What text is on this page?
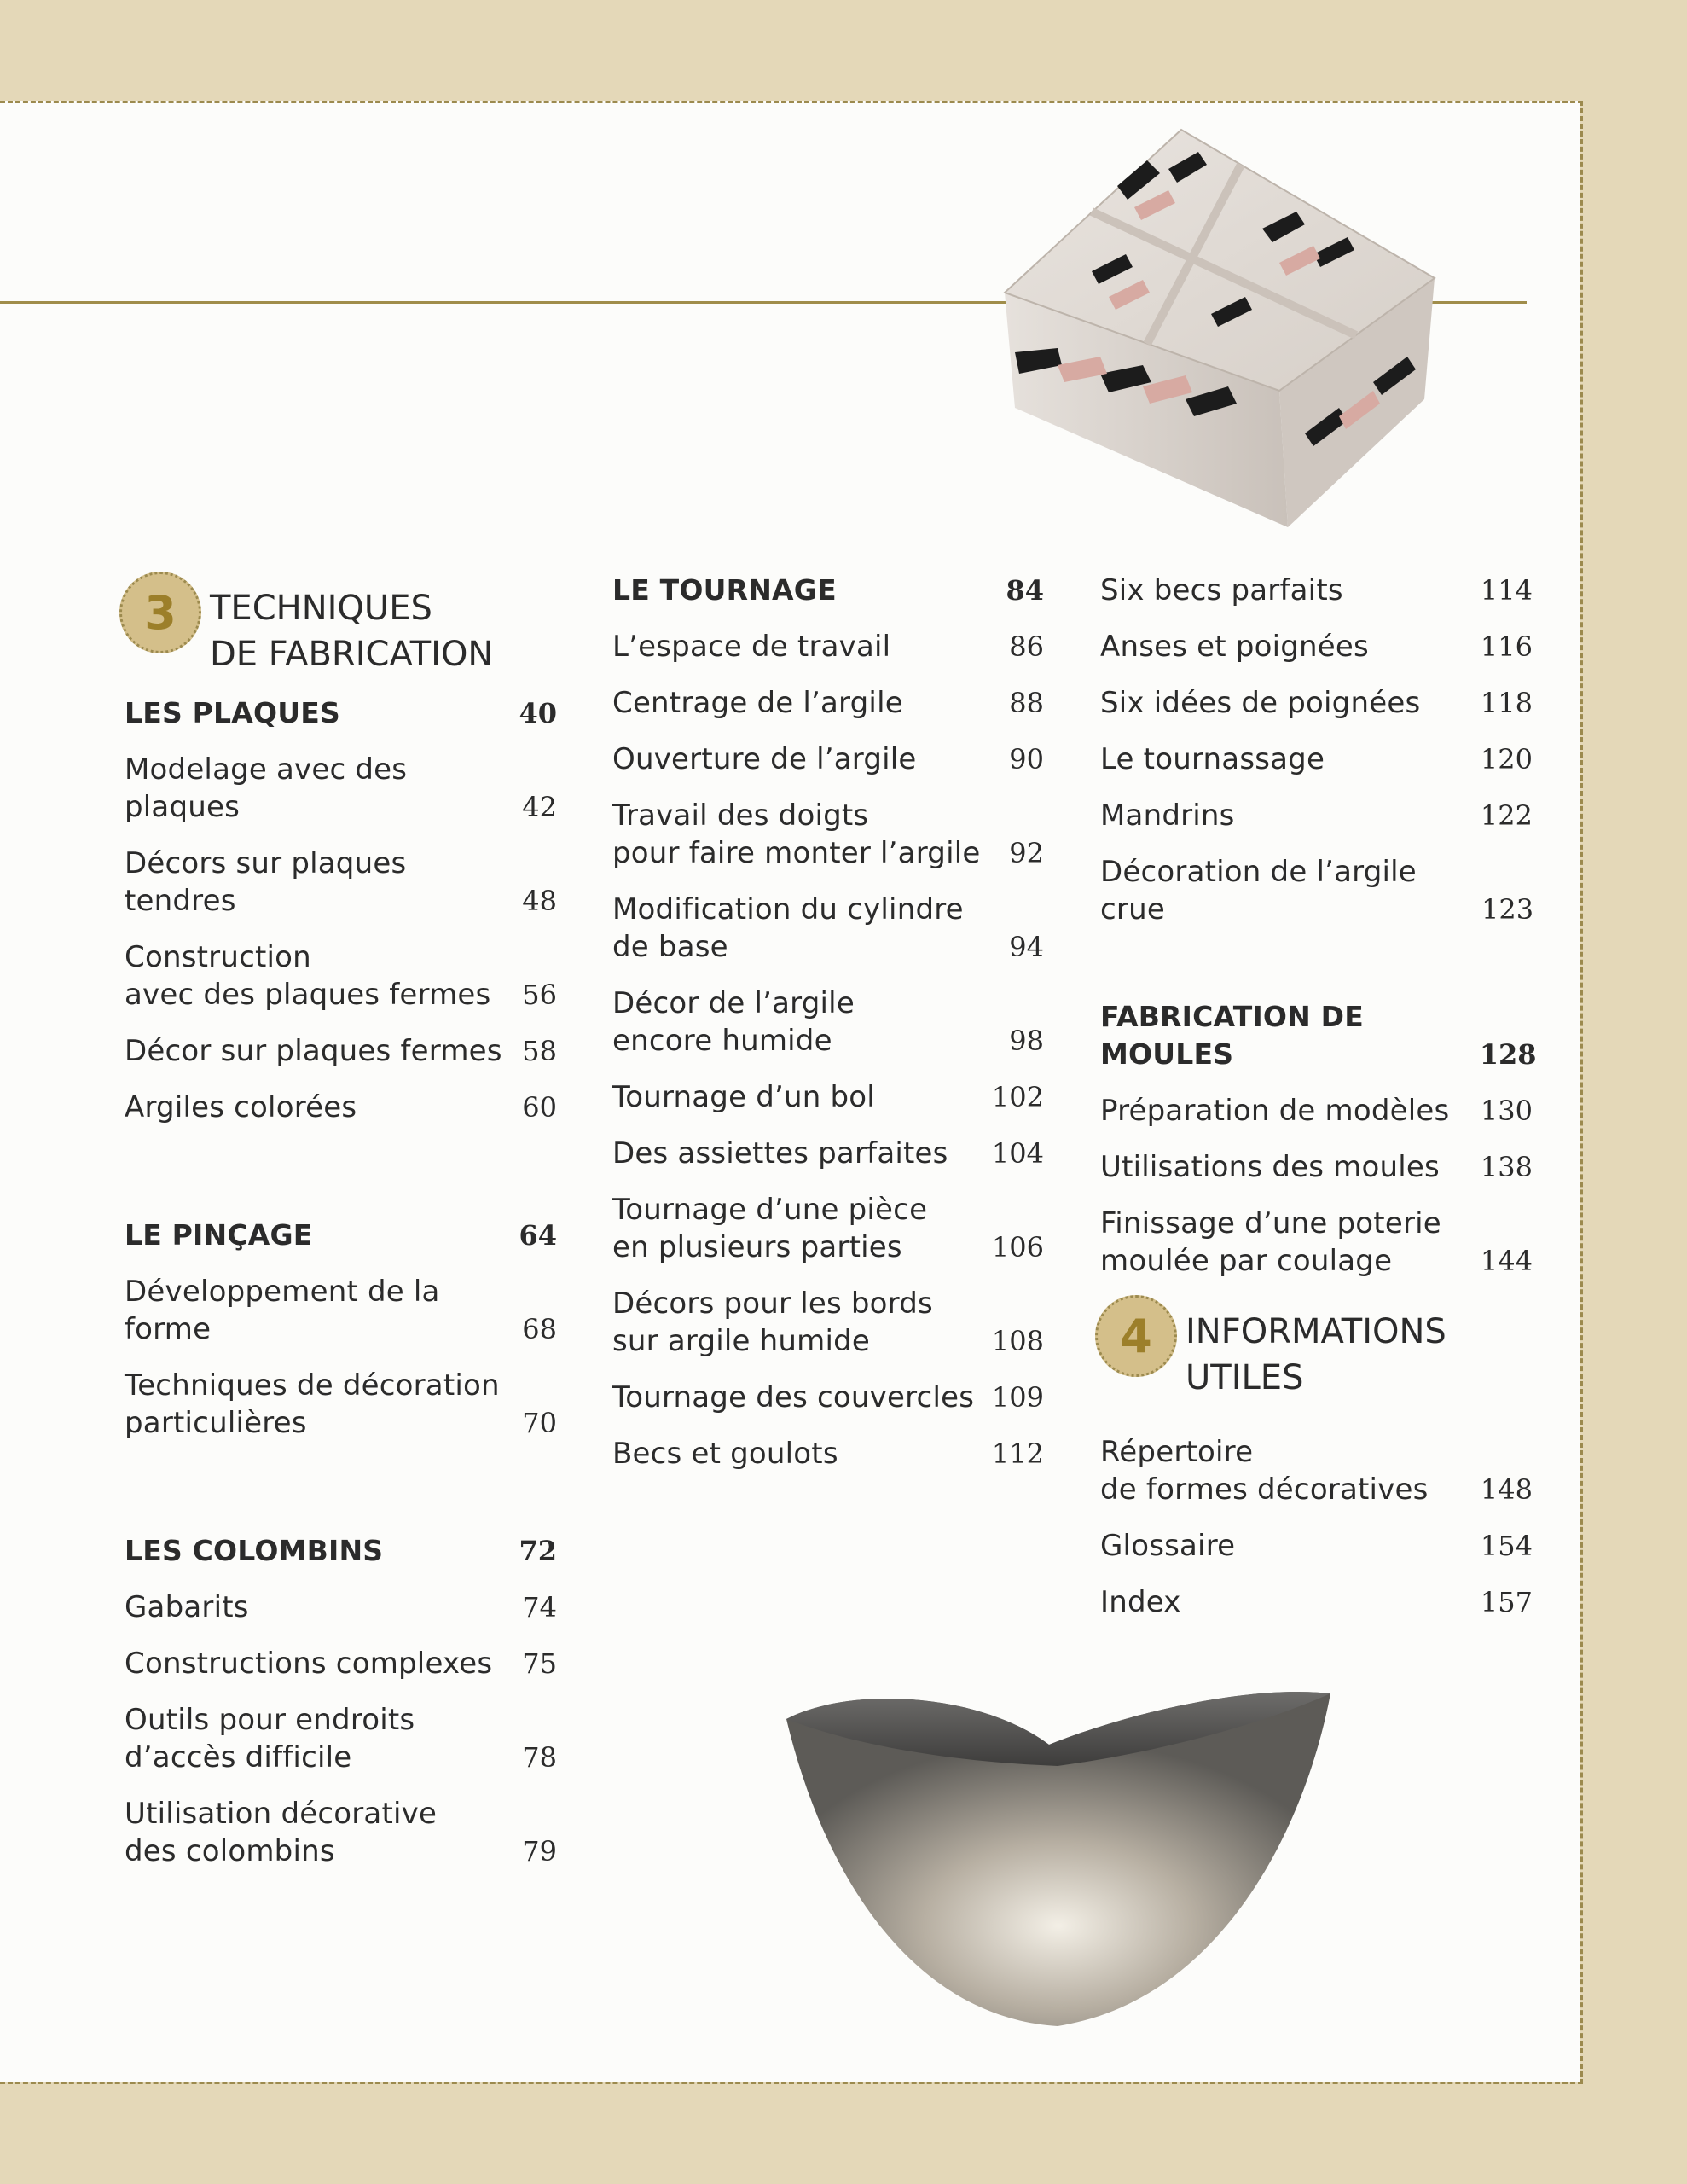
3 TECHNIQUES
DE FABRICATION
LES PLAQUES	40
Modelage avec des plaques	42
Décors sur plaques tendres	48
Construction
avec des plaques fermes	56
Décor sur plaques fermes 58
Argiles colorées	60
LE PINÇAGE	64
Développement de la forme	68
Techniques de décoration
particulières	70
LES COLOMBINS	72
Gabarits	74
Constructions complexes	75
Outils pour endroits
d’accès difficile	78
Utilisation décorative
des colombins	79
LE TOURNAGE	84
L’espace de travail	86
Centrage de l’argile	88
Ouverture de l’argile	90
Travail des doigts
pour faire monter l’argile	92
Modification du cylindre
de base	94
Décor de l’argile
encore humide	98
Tournage d’un bol	102
Des assiettes parfaites 104
Tournage d’une pièce
en plusieurs parties	106
Décors pour les bords
sur argile humide	108
Tournage des couvercles 109
Becs et goulots	112
Six becs parfaits	114
Anses et poignées	116
Six idées de poignées 118
Le tournassage	120
Mandrins	122
Décoration de l’argile crue	123
FABRICATION DE MOULES	128
Préparation de modèles 130
Utilisations des moules 138
Finissage d’une poterie
moulée par coulage	144
4 INFORMATIONS
UTILES
Répertoire
de formes décoratives 148
Glossaire	154
Index	157
